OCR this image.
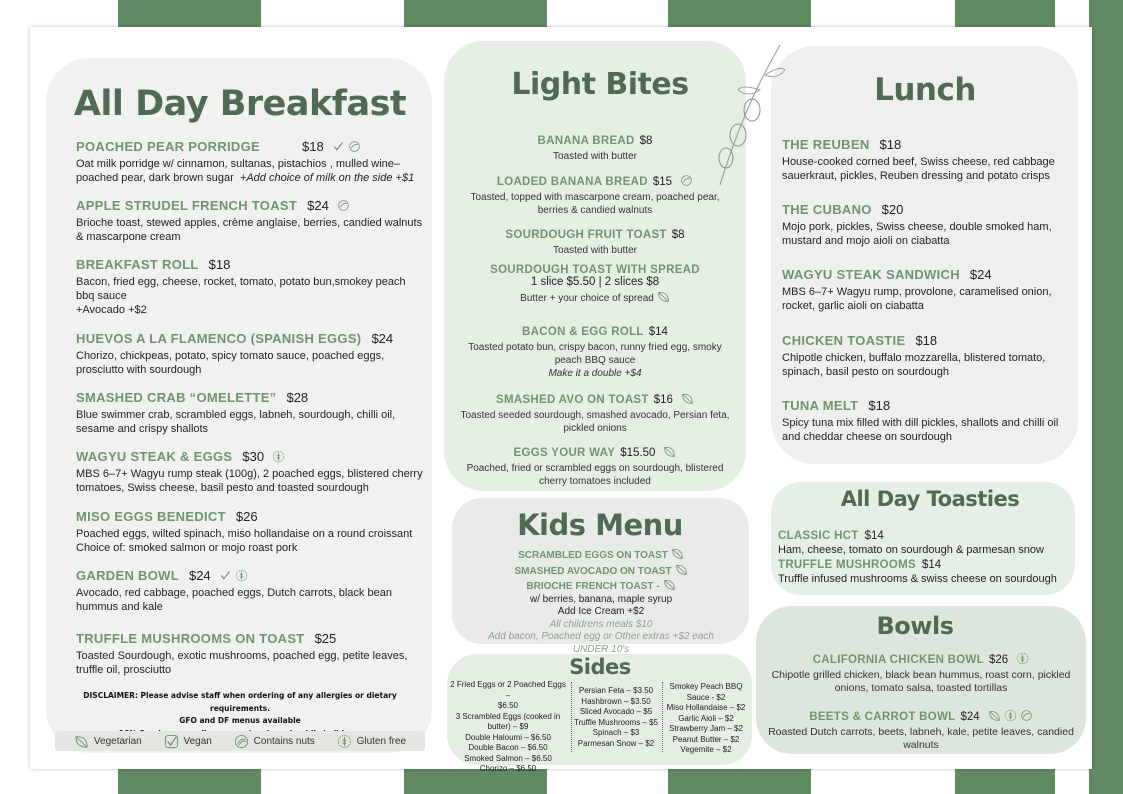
All Day Breakfast
POACHED PEAR PORRIDGE	$18
Oat milk porridge w/ cinnamon, sultanas, pistachios , mulled wine–poached pear, dark brown sugar +Add choice of milk on the side +$1
APPLE STRUDEL FRENCH TOAST $24
Brioche toast, stewed apples, crème anglaise, berries, candied walnuts & mascarpone cream
BREAKFAST ROLL $18
Bacon, fried egg, cheese, rocket, tomato, potato bun,smokey peach bbq sauce
+Avocado +$2
HUEVOS A LA FLAMENCO (SPANISH EGGS) $24
Chorizo, chickpeas, potato, spicy tomato sauce, poached eggs, prosciutto with sourdough
SMASHED CRAB “OMELETTE” $28
Blue swimmer crab, scrambled eggs, labneh, sourdough, chilli oil, sesame and crispy shallots
WAGYU STEAK & EGGS $30
MBS 6–7+ Wagyu rump steak (100g), 2 poached eggs, blistered cherry tomatoes, Swiss cheese, basil pesto and toasted sourdough
MISO EGGS BENEDICT $26
Poached eggs, wilted spinach, miso hollandaise on a round croissant
Choice of: smoked salmon or mojo roast pork
GARDEN BOWL $24
Avocado, red cabbage, poached eggs, Dutch carrots, black bean hummus and kale
TRUFFLE MUSHROOMS ON TOAST $25
Toasted Sourdough, exotic mushrooms, poached egg, petite leaves, truffle oil, prosciutto
DISCLAIMER: Please advise staff when ordering of any allergies or dietary requirements.
GFO and DF menus available
Vegetarian	Vegan	Contains nuts	Gluten free
Light Bites
BANANA BREAD $8
Toasted with butter
LOADED BANANA BREAD $15
Toasted, topped with mascarpone cream, poached pear, berries & candied walnuts
SOURDOUGH FRUIT TOAST $8
Toasted with butter
SOURDOUGH TOAST WITH SPREAD
1 slice $5.50 | 2 slices $8
Butter + your choice of spread
BACON & EGG ROLL $14
Toasted potato bun, crispy bacon, runny fried egg, smoky peach BBQ sauce
Make it a double +$4
SMASHED AVO ON TOAST $16
Toasted seeded sourdough, smashed avocado, Persian feta, pickled onions
EGGS YOUR WAY $15.50
Poached, fried or scrambled eggs on sourdough, blistered cherry tomatoes included
Kids Menu
SCRAMBLED EGGS ON TOAST
SMASHED AVOCADO ON TOAST
BRIOCHE FRENCH TOAST -
w/ berries, banana, maple syrup
Add Ice Cream +$2
All childrens meals $10
Add bacon, Poached egg or Other extras +$2 each
UNDER 10's
Sides
2 Fried Eggs or 2 Poached Eggs –
$6.50
3 Scrambled Eggs (cooked in
butter) – $9
Double Haloumi – $6.50
Double Bacon – $6.50
Smoked Salmon – $6.50
Chorizo – $6.50
Persian Feta – $3.50
Hashbrown – $3.50
Sliced Avocado – $5
Truffle Mushrooms – $5
Spinach – $3
Parmesan Snow – $2
Smokey Peach BBQ
Sauce - $2
Miso Hollandaise – $2
Garlic Aioli – $2
Strawberry Jam – $2
Peanut Butter – $2
Vegemite – $2
Lunch
THE REUBEN $18
House-cooked corned beef, Swiss cheese, red cabbage sauerkraut, pickles, Reuben dressing and potato crisps
THE CUBANO $20
Mojo pork, pickles, Swiss cheese, double smoked ham, mustard and mojo aioli on ciabatta
WAGYU STEAK SANDWICH $24
MBS 6–7+ Wagyu rump, provolone, caramelised onion, rocket, garlic aioli on ciabatta
CHICKEN TOASTIE $18
Chipotle chicken, buffalo mozzarella, blistered tomato, spinach, basil pesto on sourdough
TUNA MELT $18
Spicy tuna mix filled with dill pickles, shallots and chilli oil and cheddar cheese on sourdough
All Day Toasties
CLASSIC HCT $14
Ham, cheese, tomato on sourdough & parmesan snow
TRUFFLE MUSHROOMS $14
Truffle infused mushrooms & swiss cheese on sourdough
Bowls
CALIFORNIA CHICKEN BOWL $26
Chipotle grilled chicken, black bean hummus, roast corn, pickled onions, tomato salsa, toasted tortillas
BEETS & CARROT BOWL $24
Roasted Dutch carrots, beets, labneh, kale, petite leaves, candied walnuts
